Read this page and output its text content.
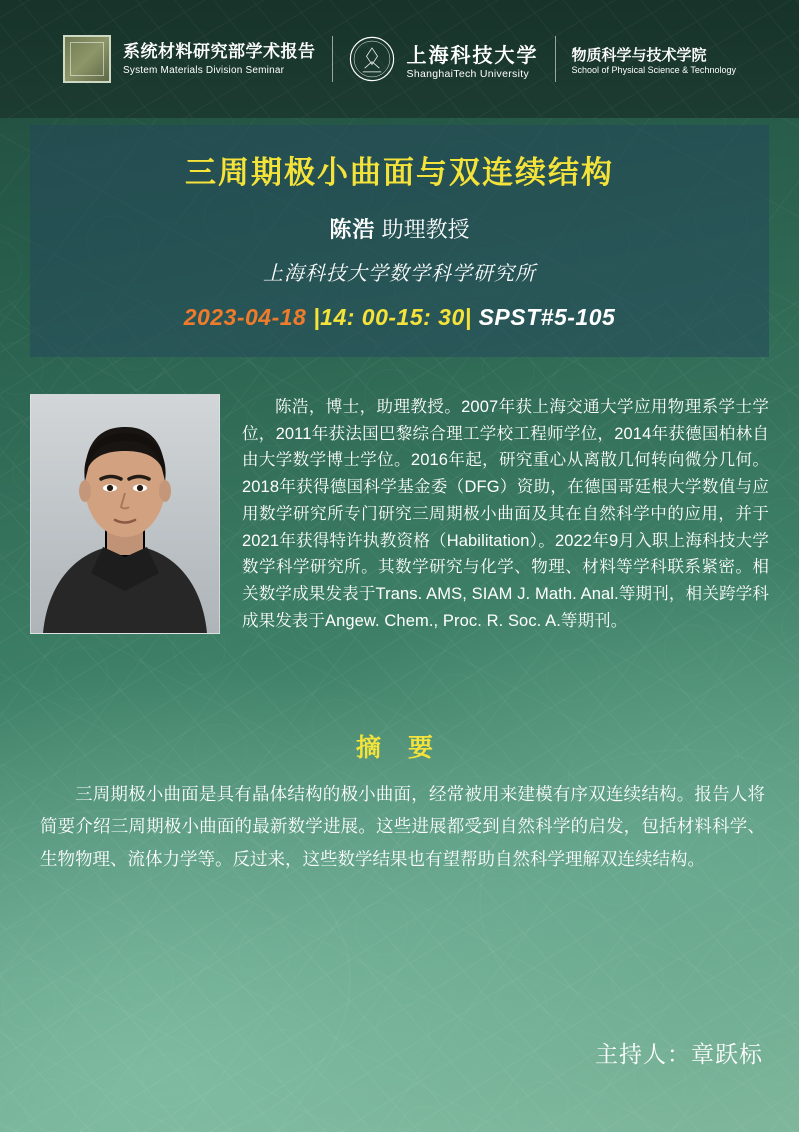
系统材料研究部学术报告
System Materials Division Seminar
上海科技大学
ShanghaiTech University
物质科学与技术学院
School of Physical Science & Technology
三周期极小曲面与双连续结构
陈浩 助理教授
上海科技大学数学科学研究所
2023-04-18 |14: 00-15: 30| SPST#5-105

陈浩，博士，助理教授。2007年获上海交通大学应用物理系学士学位，2011年获法国巴黎综合理工学校工程师学位，2014年获德国柏林自由大学数学博士学位。2016年起，研究重心从离散几何转向微分几何。2018年获得德国科学基金委（DFG）资助，在德国哥廷根大学数值与应用数学研究所专门研究三周期极小曲面及其在自然科学中的应用，并于2021年获得特许执教资格（Habilitation）。2022年9月入职上海科技大学数学科学研究所。其数学研究与化学、物理、材料等学科联系紧密。相关数学成果发表于Trans. AMS, SIAM J. Math. Anal.等期刊，相关跨学科成果发表于Angew. Chem., Proc. R. Soc. A.等期刊。

摘 要

三周期极小曲面是具有晶体结构的极小曲面，经常被用来建模有序双连续结构。报告人将简要介绍三周期极小曲面的最新数学进展。这些进展都受到自然科学的启发，包括材料科学、生物物理、流体力学等。反过来，这些数学结果也有望帮助自然科学理解双连续结构。

主持人：章跃标
